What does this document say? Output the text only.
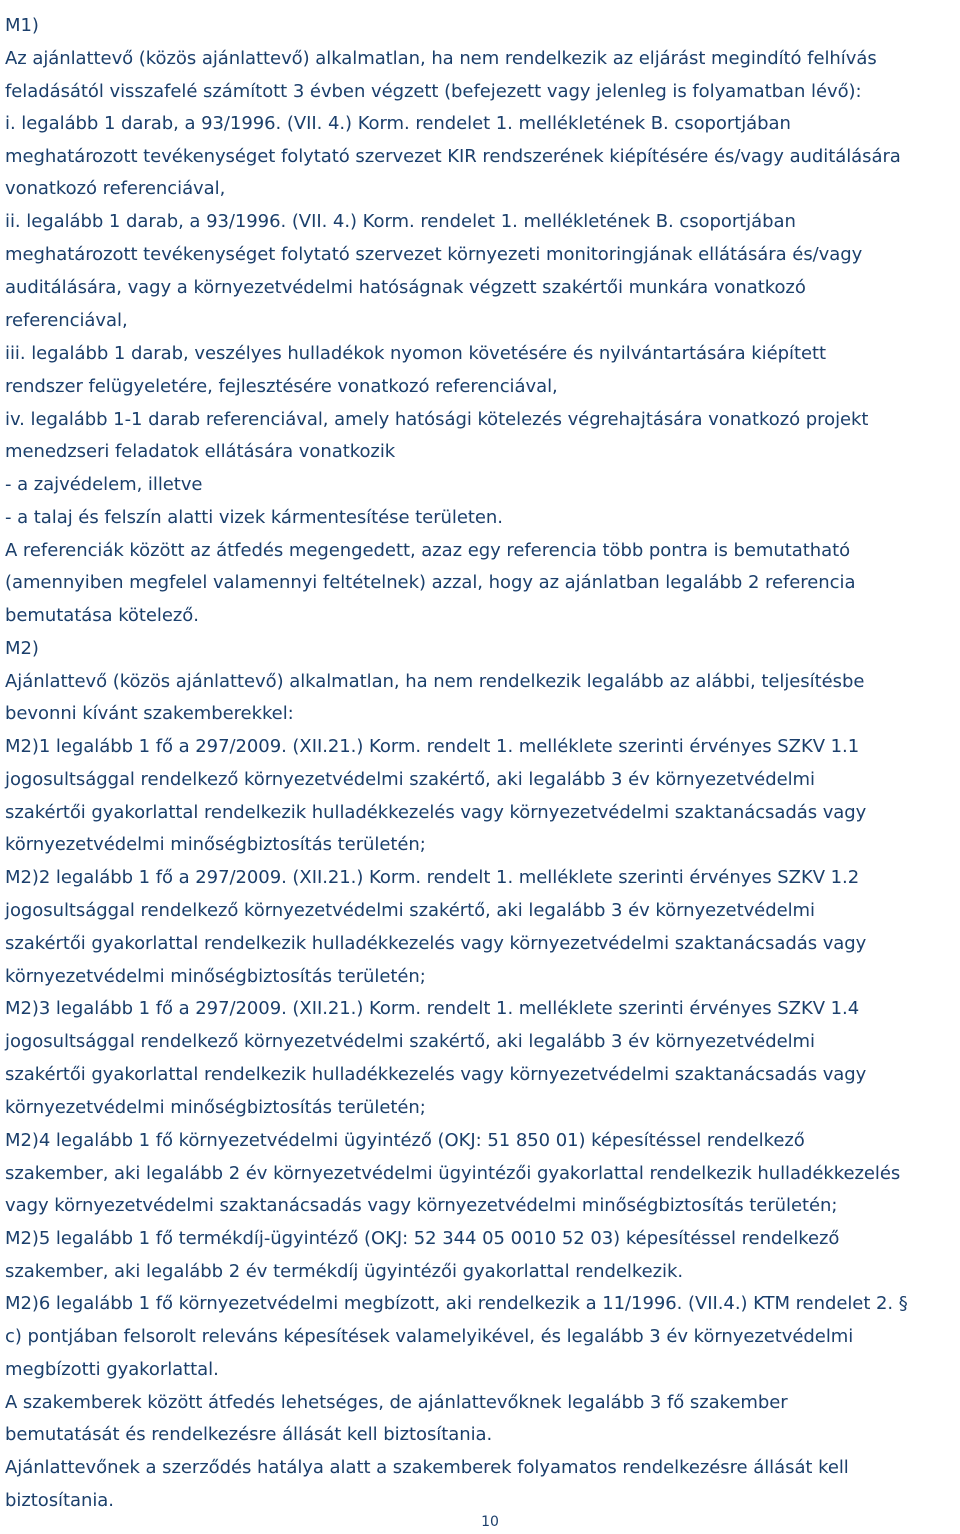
M1)
Az ajánlattevő (közös ajánlattevő) alkalmatlan, ha nem rendelkezik az eljárást megindító felhívás
feladásától visszafelé számított 3 évben végzett (befejezett vagy jelenleg is folyamatban lévő):
i. legalább 1 darab, a 93/1996. (VII. 4.) Korm. rendelet 1. mellékletének B. csoportjában
meghatározott tevékenységet folytató szervezet KIR rendszerének kiépítésére és/vagy auditálására
vonatkozó referenciával,
ii. legalább 1 darab, a 93/1996. (VII. 4.) Korm. rendelet 1. mellékletének B. csoportjában
meghatározott tevékenységet folytató szervezet környezeti monitoringjának ellátására és/vagy
auditálására, vagy a környezetvédelmi hatóságnak végzett szakértői munkára vonatkozó
referenciával,
iii. legalább 1 darab, veszélyes hulladékok nyomon követésére és nyilvántartására kiépített
rendszer felügyeletére, fejlesztésére vonatkozó referenciával,
iv. legalább 1-1 darab referenciával, amely hatósági kötelezés végrehajtására vonatkozó projekt
menedzseri feladatok ellátására vonatkozik
- a zajvédelem, illetve
- a talaj és felszín alatti vizek kármentesítése területen.
A referenciák között az átfedés megengedett, azaz egy referencia több pontra is bemutatható
(amennyiben megfelel valamennyi feltételnek) azzal, hogy az ajánlatban legalább 2 referencia
bemutatása kötelező.
M2)
Ajánlattevő (közös ajánlattevő) alkalmatlan, ha nem rendelkezik legalább az alábbi, teljesítésbe
bevonni kívánt szakemberekkel:
M2)1 legalább 1 fő a 297/2009. (XII.21.) Korm. rendelt 1. melléklete szerinti érvényes SZKV 1.1
jogosultsággal rendelkező környezetvédelmi szakértő, aki legalább 3 év környezetvédelmi
szakértői gyakorlattal rendelkezik hulladékkezelés vagy környezetvédelmi szaktanácsadás vagy
környezetvédelmi minőségbiztosítás területén;
M2)2 legalább 1 fő a 297/2009. (XII.21.) Korm. rendelt 1. melléklete szerinti érvényes SZKV 1.2
jogosultsággal rendelkező környezetvédelmi szakértő, aki legalább 3 év környezetvédelmi
szakértői gyakorlattal rendelkezik hulladékkezelés vagy környezetvédelmi szaktanácsadás vagy
környezetvédelmi minőségbiztosítás területén;
M2)3 legalább 1 fő a 297/2009. (XII.21.) Korm. rendelt 1. melléklete szerinti érvényes SZKV 1.4
jogosultsággal rendelkező környezetvédelmi szakértő, aki legalább 3 év környezetvédelmi
szakértői gyakorlattal rendelkezik hulladékkezelés vagy környezetvédelmi szaktanácsadás vagy
környezetvédelmi minőségbiztosítás területén;
M2)4 legalább 1 fő környezetvédelmi ügyintéző (OKJ: 51 850 01) képesítéssel rendelkező
szakember, aki legalább 2 év környezetvédelmi ügyintézői gyakorlattal rendelkezik hulladékkezelés
vagy környezetvédelmi szaktanácsadás vagy környezetvédelmi minőségbiztosítás területén;
M2)5 legalább 1 fő termékdíj-ügyintéző (OKJ: 52 344 05 0010 52 03) képesítéssel rendelkező
szakember, aki legalább 2 év termékdíj ügyintézői gyakorlattal rendelkezik.
M2)6 legalább 1 fő környezetvédelmi megbízott, aki rendelkezik a 11/1996. (VII.4.) KTM rendelet 2. §
c) pontjában felsorolt releváns képesítések valamelyikével, és legalább 3 év környezetvédelmi
megbízotti gyakorlattal.
A szakemberek között átfedés lehetséges, de ajánlattevőknek legalább 3 fő szakember
bemutatását és rendelkezésre állását kell biztosítania.
Ajánlattevőnek a szerződés hatálya alatt a szakemberek folyamatos rendelkezésre állását kell
biztosítania.
10
